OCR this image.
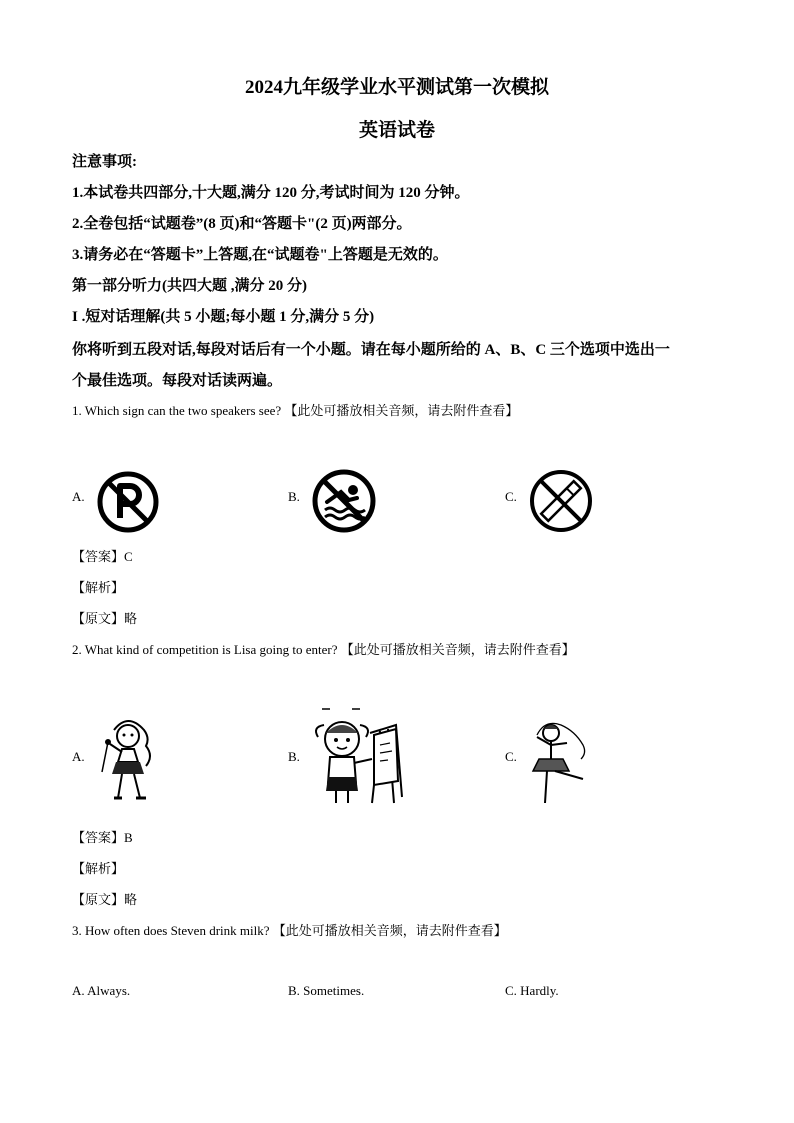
2024九年级学业水平测试第一次模拟
英语试卷
注意事项:
1.本试卷共四部分,十大题,满分 120 分,考试时间为 120 分钟。
2.全卷包括“试题卷”(8 页)和“答题卡"(2 页)两部分。
3.请务必在“答题卡”上答题,在“试题卷"上答题是无效的。
第一部分听力(共四大题 ,满分 20 分)
I .短对话理解(共 5 小题;每小题 1 分,满分 5 分)
你将听到五段对话,每段对话后有一个小题。请在每小题所给的 A、B、C 三个选项中选出一
个最佳选项。每段对话读两遍。
1. Which sign can the two speakers see? 【此处可播放相关音频，请去附件查看】
A.	B.	C.
【答案】C
【解析】
【原文】略
2. What kind of competition is Lisa going to enter? 【此处可播放相关音频，请去附件查看】
A.	B.	C.
【答案】B
【解析】
【原文】略
3. How often does Steven drink milk? 【此处可播放相关音频，请去附件查看】
A. Always.	B. Sometimes.	C. Hardly.
